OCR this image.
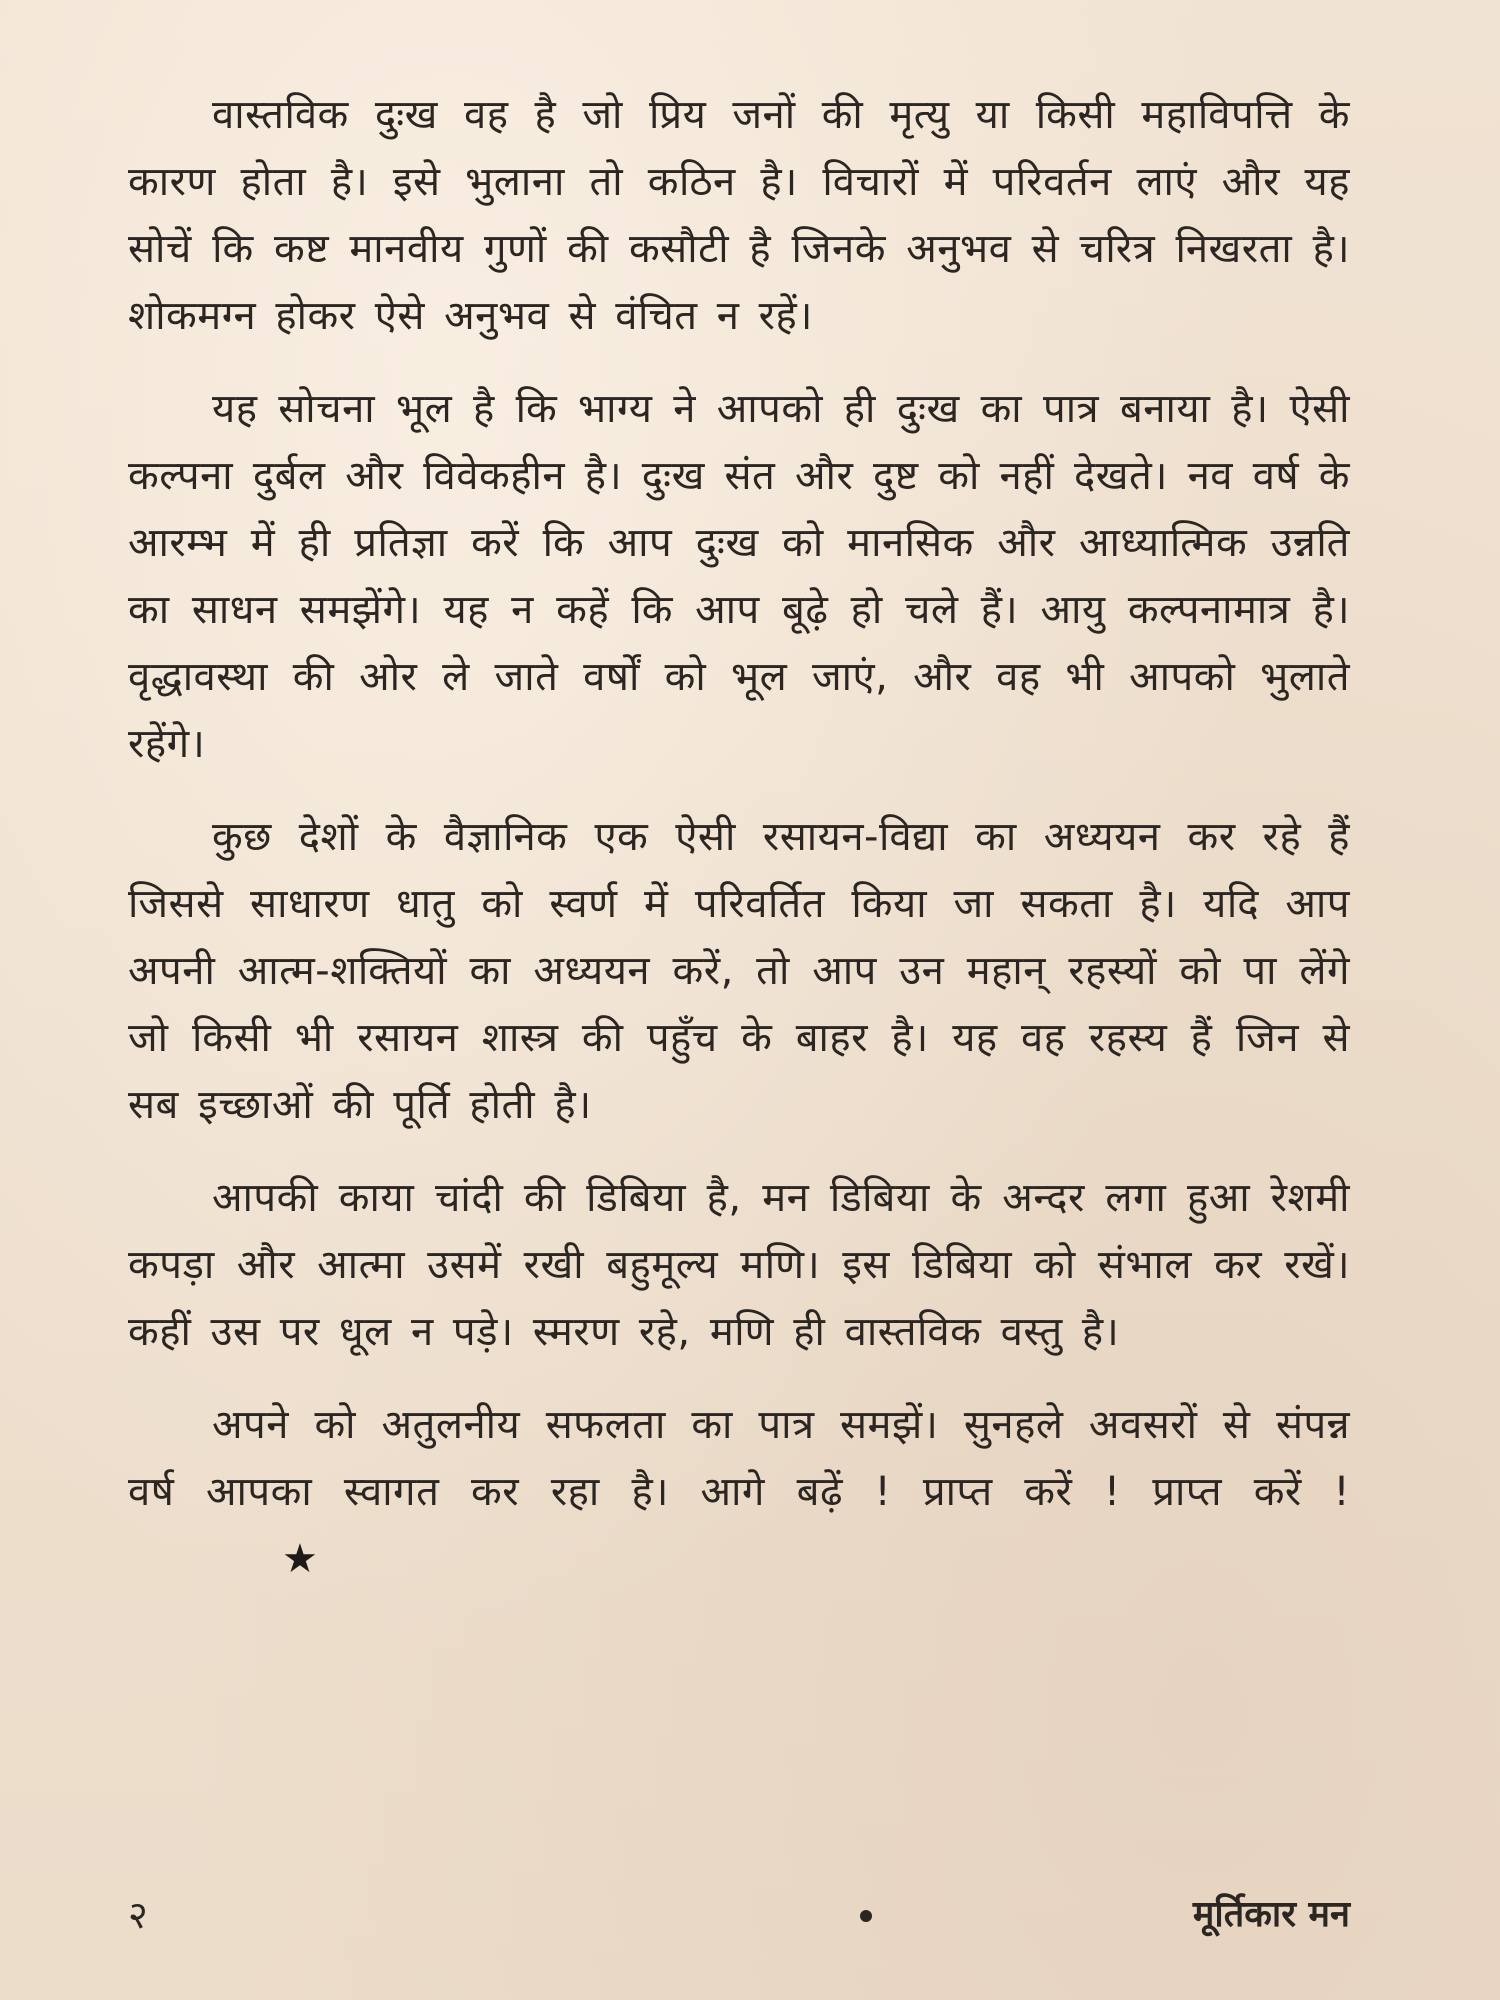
वास्तविक दुःख वह है जो प्रिय जनों की मृत्यु या किसी महाविपत्ति के कारण होता है। इसे भुलाना तो कठिन है। विचारों में परिवर्तन लाएं और यह सोचें कि कष्ट मानवीय गुणों की कसौटी है जिनके अनुभव से चरित्र निखरता है। शोकमग्न होकर ऐसे अनुभव से वंचित न रहें।

यह सोचना भूल है कि भाग्य ने आपको ही दुःख का पात्र बनाया है। ऐसी कल्पना दुर्बल और विवेकहीन है। दुःख संत और दुष्ट को नहीं देखते। नव वर्ष के आरम्भ में ही प्रतिज्ञा करें कि आप दुःख को मानसिक और आध्यात्मिक उन्नति का साधन समझेंगे। यह न कहें कि आप बूढ़े हो चले हैं। आयु कल्पनामात्र है। वृद्धावस्था की ओर ले जाते वर्षों को भूल जाएं, और वह भी आपको भुलाते रहेंगे।

कुछ देशों के वैज्ञानिक एक ऐसी रसायन-विद्या का अध्ययन कर रहे हैं जिससे साधारण धातु को स्वर्ण में परिवर्तित किया जा सकता है। यदि आप अपनी आत्म-शक्तियों का अध्ययन करें, तो आप उन महान् रहस्यों को पा लेंगे जो किसी भी रसायन शास्त्र की पहुँच के बाहर है। यह वह रहस्य हैं जिन से सब इच्छाओं की पूर्ति होती है।

आपकी काया चांदी की डिबिया है, मन डिबिया के अन्दर लगा हुआ रेशमी कपड़ा और आत्मा उसमें रखी बहुमूल्य मणि। इस डिबिया को संभाल कर रखें। कहीं उस पर धूल न पड़े। स्मरण रहे, मणि ही वास्तविक वस्तु है।

अपने को अतुलनीय सफलता का पात्र समझें। सुनहले अवसरों से संपन्न वर्ष आपका स्वागत कर रहा है। आगे बढ़ें ! प्राप्त करें ! प्राप्त करें !★

२	मूर्तिकार मन
